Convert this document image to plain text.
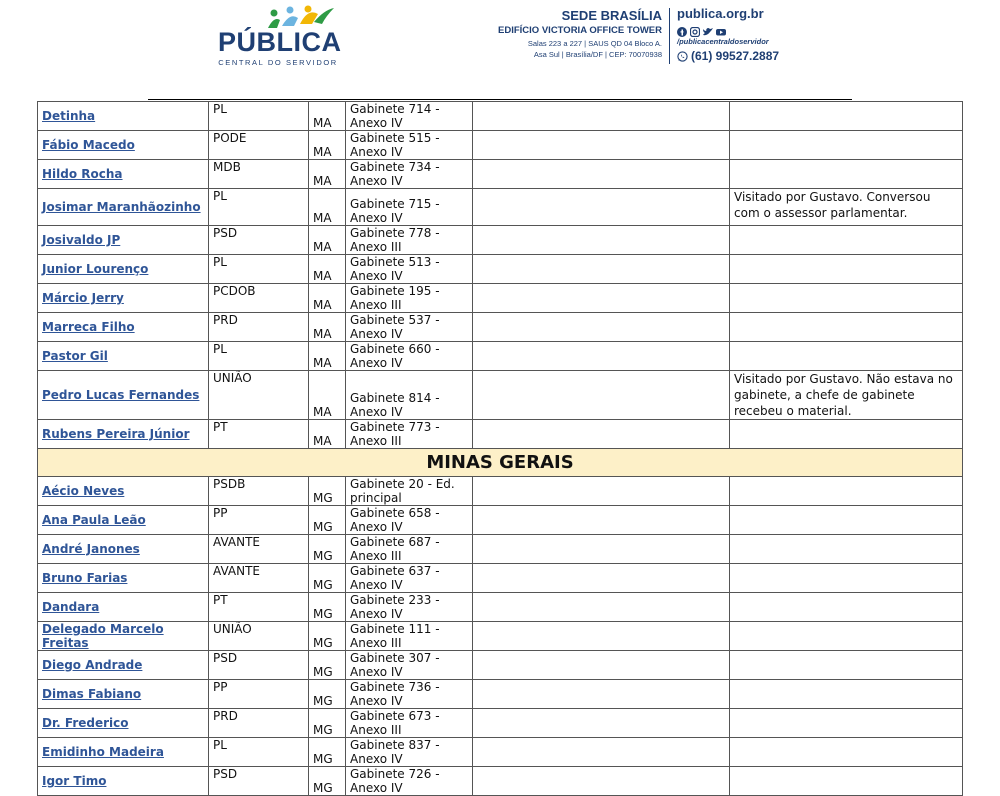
PÚBLICA
CENTRAL DO SERVIDOR
SEDE BRASÍLIA
EDIFÍCIO VICTORIA OFFICE TOWER
Salas 223 a 227 | SAUS QD 04 Bloco A.
Asa Sul | Brasília/DF | CEP: 70070938
publica.org.br
/publicacentraldoservidor
(61) 99527.2887
Detinha	PL	MA	Gabinete 714 - Anexo IV		
Fábio Macedo	PODE	MA	Gabinete 515 - Anexo IV		
Hildo Rocha	MDB	MA	Gabinete 734 - Anexo IV		
Josimar Maranhãozinho	PL	MA	Gabinete 715 - Anexo IV		Visitado por Gustavo. Conversou com o assessor parlamentar.
Josivaldo JP	PSD	MA	Gabinete 778 - Anexo III		
Junior Lourenço	PL	MA	Gabinete 513 - Anexo IV		
Márcio Jerry	PCDOB	MA	Gabinete 195 - Anexo III		
Marreca Filho	PRD	MA	Gabinete 537 - Anexo IV		
Pastor Gil	PL	MA	Gabinete 660 - Anexo IV		
Pedro Lucas Fernandes	UNIÃO	MA	Gabinete 814 - Anexo IV		Visitado por Gustavo. Não estava no gabinete, a chefe de gabinete recebeu o material.
Rubens Pereira Júnior	PT	MA	Gabinete 773 - Anexo III		
MINAS GERAIS					
Aécio Neves	PSDB	MG	Gabinete 20 - Ed. principal		
Ana Paula Leão	PP	MG	Gabinete 658 - Anexo IV		
André Janones	AVANTE	MG	Gabinete 687 - Anexo III		
Bruno Farias	AVANTE	MG	Gabinete 637 - Anexo IV		
Dandara	PT	MG	Gabinete 233 - Anexo IV		
Delegado Marcelo Freitas	UNIÃO	MG	Gabinete 111 - Anexo III		
Diego Andrade	PSD	MG	Gabinete 307 - Anexo IV		
Dimas Fabiano	PP	MG	Gabinete 736 - Anexo IV		
Dr. Frederico	PRD	MG	Gabinete 673 - Anexo III		
Emidinho Madeira	PL	MG	Gabinete 837 - Anexo IV		
Igor Timo	PSD	MG	Gabinete 726 - Anexo IV		
